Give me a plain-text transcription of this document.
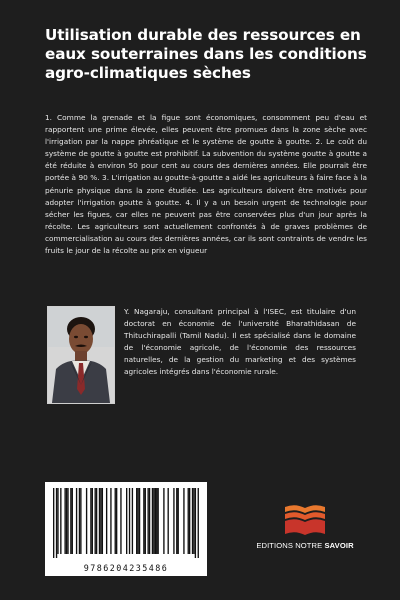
Utilisation durable des ressources en eaux souterraines dans les conditions agro-climatiques sèches

1. Comme la grenade et la figue sont économiques, consomment peu d'eau et rapportent une prime élevée, elles peuvent être promues dans la zone sèche avec l'irrigation par la nappe phréatique et le système de goutte à goutte. 2. Le coût du système de goutte à goutte est prohibitif. La subvention du système goutte à goutte a été réduite à environ 50 pour cent au cours des dernières années. Elle pourrait être portée à 90 %. 3. L'irrigation au goutte-à-goutte a aidé les agriculteurs à faire face à la pénurie physique dans la zone étudiée. Les agriculteurs doivent être motivés pour adopter l'irrigation goutte à goutte. 4. Il y a un besoin urgent de technologie pour sécher les figues, car elles ne peuvent pas être conservées plus d'un jour après la récolte. Les agriculteurs sont actuellement confrontés à de graves problèmes de commercialisation au cours des dernières années, car ils sont contraints de vendre les fruits le jour de la récolte au prix en vigueur

Y. Nagaraju, consultant principal à l'ISEC, est titulaire d'un doctorat en économie de l'université Bharathidasan de Thituchirapalli (Tamil Nadu). Il est spécialisé dans le domaine de l'économie agricole, de l'économie des ressources naturelles, de la gestion du marketing et des systèmes agricoles intégrés dans l'économie rurale.

9786204235486
EDITIONS NOTRE SAVOIR
